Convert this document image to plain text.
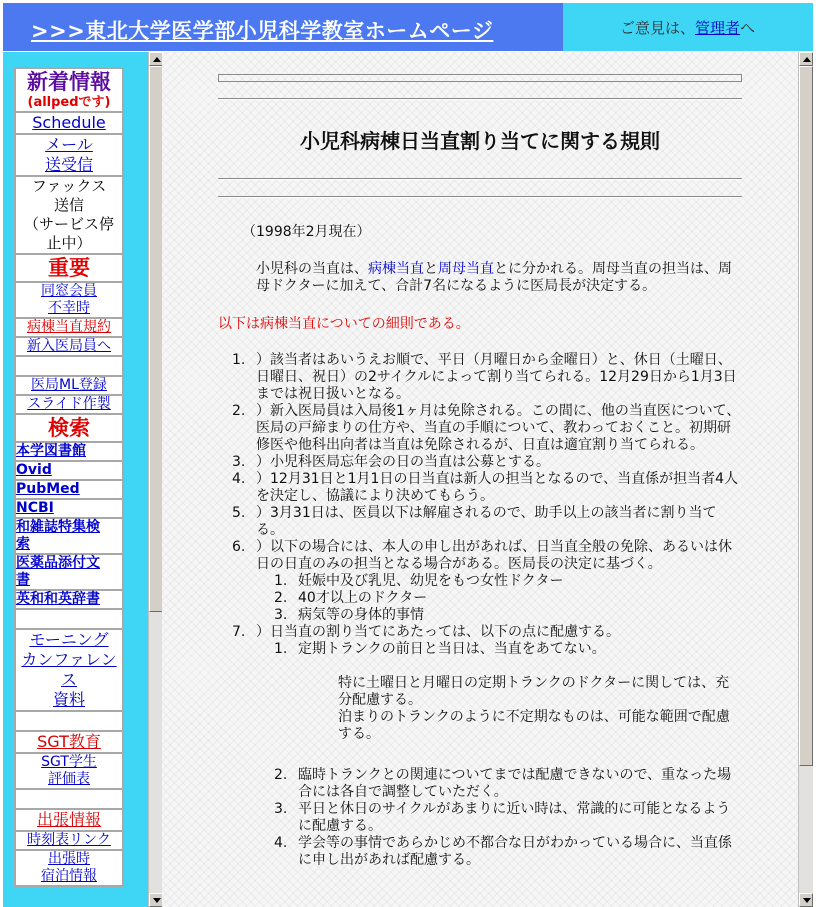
>>>東北大学医学部小児科学教室ホームページ	ご意見は、管理者へ
新着情報
(allpedです)

Schedule
メール
送受信

ファックス
送信
（サービス停
止中）

重要

同窓会員
不幸時
病棟当直規約
新入医局員へ

医局ML登録
スライド作製

検索

本学図書館
Ovid
PubMed
NCBI
和雑誌特集検
索
医薬品添付文
書
英和和英辞書

モーニング
カンファレンス
資料

SGT教育
SGT学生
評価表

出張情報
時刻表リンク
出張時
宿泊情報
小児科病棟日当直割り当てに関する規則
（1998年2月現在）
小児科の当直は、病棟当直と周母当直とに分かれる。周母当直の担当は、周母ドクターに加えて、合計7名になるように医局長が決定する。
以下は病棟当直についての細則である。

1. ）該当者はあいうえお順で、平日（月曜日から金曜日）と、休日（土曜日、日曜日、祝日）の2サイクルによって割り当てられる。12月29日から1月3日までは祝日扱いとなる。

2. ）新入医局員は入局後1ヶ月は免除される。この間に、他の当直医について、医局の戸締まりの仕方や、当直の手順について、教わっておくこと。初期研修医や他科出向者は当直は免除されるが、日直は適宜割り当てられる。

3. ）小児科医局忘年会の日の当直は公募とする。

4. ）12月31日と1月1日の日当直は新人の担当となるので、当直係が担当者4人を決定し、協議により決めてもらう。

5. ）3月31日は、医員以下は解雇されるので、助手以上の該当者に割り当てる。

6. ）以下の場合には、本人の申し出があれば、日当直全般の免除、あるいは休日の日直のみの担当となる場合がある。医局長の決定に基づく。

1. 妊娠中及び乳児、幼児をもつ女性ドクター

2. 40才以上のドクター

3. 病気等の身体的事情

7. ）日当直の割り当てにあたっては、以下の点に配慮する。

1. 定期トランクの前日と当日は、当直をあてない。

特に土曜日と月曜日の定期トランクのドクターに関しては、充分配慮する。

泊まりのトランクのように不定期なものは、可能な範囲で配慮する。

2. 臨時トランクとの関連についてまでは配慮できないので、重なった場合には各自で調整していただく。

3. 平日と休日のサイクルがあまりに近い時は、常識的に可能となるように配慮する。

4. 学会等の事情であらかじめ不都合な日がわかっている場合に、当直係に申し出があれば配慮する。
